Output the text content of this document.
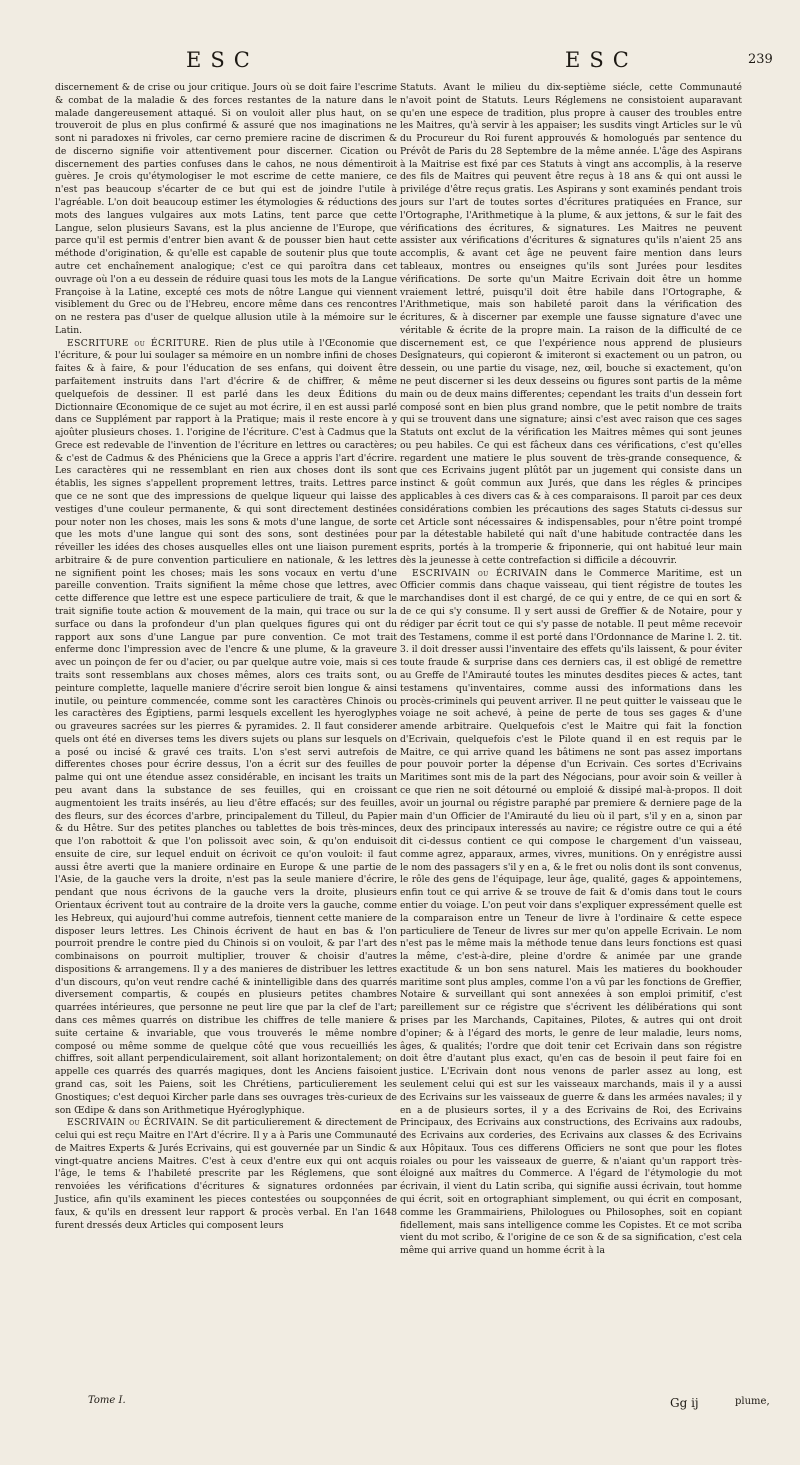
ESC	ESC	239

discernement & de crise ou jour critique. Jours où se doit faire l'escrime & combat de la maladie & des forces restantes de la nature dans le malade dangereusement attaqué. Si on vouloit aller plus haut, on se trouveroit de plus en plus confirmé & assuré que nos imaginations ne sont ni paradoxes ni frivoles, car cerno premiere racine de discrimen & de discerno signifie voir attentivement pour discerner. Cication ou discernement des parties confuses dans le cahos, ne nous démentiroit guères. Je crois qu'étymologiser le mot escrime de cette maniere, ce n'est pas beaucoup s'écarter de ce but qui est de joindre l'utile à l'agréable. L'on doit beaucoup estimer les étymologies & réductions des mots des langues vulgaires aux mots Latins, tent parce que cette Langue, selon plusieurs Savans, est la plus ancienne de l'Europe, que parce qu'il est permis d'entrer bien avant & de pousser bien haut cette méthode d'origination, & qu'elle est capable de soutenir plus que toute autre cet enchaînement analogique; c'est ce qui paroîtra dans cet ouvrage où l'on a eu dessein de réduire quasi tous les mots de la Langue Françoise à la Latine, excepté ces mots de nôtre Langue qui viennent visiblement du Grec ou de l'Hebreu, encore même dans ces rencontres on ne restera pas d'user de quelque allusion utile à la mémoire sur le Latin.

ESCRITURE ou ÉCRITURE. Rien de plus utile à l'Œconomie que l'écriture, & pour lui soulager sa mémoire en un nombre infini de choses faites & à faire, & pour l'éducation de ses enfans, qui doivent être parfaitement instruits dans l'art d'écrire & de chiffrer, & même quelquefois de dessiner. Il est parlé dans les deux Éditions du Dictionnaire Œconomique de ce sujet au mot écrire, il en est aussi parlé dans ce Supplément par rapport à la Pratique; mais il reste encore à y ajoûter plusieurs choses. 1. l'origine de l'écriture. C'est à Cadmus que la Grece est redevable de l'invention de l'écriture en lettres ou caractères; & c'est de Cadmus & des Phéniciens que la Grece a appris l'art d'écrire. Les caractères qui ne ressemblant en rien aux choses dont ils sont établis, les signes s'appellent proprement lettres, traits. Lettres parce que ce ne sont que des impressions de quelque liqueur qui laisse des vestiges d'une couleur permanente, & qui sont directement destinées pour noter non les choses, mais les sons & mots d'une langue, de sorte que les mots d'une langue qui sont des sons, sont destinées pour réveiller les idées des choses ausquelles elles ont une liaison purement arbitraire & de pure convention particuliere en nationale, & les lettres ne signifient point les choses; mais les sons vocaux en vertu d'une pareille convention. Traits signifient la même chose que lettres, avec cette difference que lettre est une espece particuliere de trait, & que le trait signifie toute action & mouvement de la main, qui trace ou sur la surface ou dans la profondeur d'un plan quelques figures qui ont du rapport aux sons d'une Langue par pure convention. Ce mot trait enferme donc l'impression avec de l'encre & une plume, & la graveure avec un poinçon de fer ou d'acier, ou par quelque autre voie, mais si ces traits sont ressemblans aux choses mêmes, alors ces traits sont, ou peinture complette, laquelle maniere d'écrire seroit bien longue & ainsi inutile, ou peinture commencée, comme sont les caractères Chinois ou les caractères des Égiptiens, parmi lesquels excellent les hyeroglyphes ou graveures sacrées sur les pierres & pyramides. 2. Il faut considerer quels ont été en diverses tems les divers sujets ou plans sur lesquels on a posé ou incisé & gravé ces traits. L'on s'est servi autrefois de differentes choses pour écrire dessus, l'on a écrit sur des feuilles de palme qui ont une étendue assez considérable, en incisant les traits un peu avant dans la substance de ses feuilles, qui en croissant augmentoient les traits insérés, au lieu d'être effacés; sur des feuilles, des fleurs, sur des écorces d'arbre, principalement du Tilleul, du Papier & du Hêtre. Sur des petites planches ou tablettes de bois très-minces, que l'on rabottoit & que l'on polissoit avec soin, & qu'on enduisoit ensuite de cire, sur lequel enduit on écrivoit ce qu'on vouloit: il faut aussi être averti que la maniere ordinaire en Europe & une partie de l'Asie, de la gauche vers la droite, n'est pas la seule maniere d'écrire, pendant que nous écrivons de la gauche vers la droite, plusieurs Orientaux écrivent tout au contraire de la droite vers la gauche, comme les Hebreux, qui aujourd'hui comme autrefois, tiennent cette maniere de disposer leurs lettres. Les Chinois écrivent de haut en bas & l'on pourroit prendre le contre pied du Chinois si on vouloit, & par l'art des combinaisons on pourroit multiplier, trouver & choisir d'autres dispositions & arrangemens. Il y a des manieres de distribuer les lettres d'un discours, qu'on veut rendre caché & inintelligible dans des quarrés diversement compartis, & coupés en plusieurs petites chambres quarrées intérieures, que personne ne peut lire que par la clef de l'art; dans ces mêmes quarrés on distribue les chiffres de telle maniere & suite certaine & invariable, que vous trouverés le même nombre composé ou même somme de quelque côté que vous recueilliés les chiffres, soit allant perpendiculairement, soit allant horizontalement; on appelle ces quarrés des quarrés magiques, dont les Anciens faisoient grand cas, soit les Paiens, soit les Chrétiens, particulierement les Gnostiques; c'est dequoi Kircher parle dans ses ouvrages très-curieux de son Œdipe & dans son Arithmetique Hyéroglyphique.

ESCRIVAIN ou ÉCRIVAIN. Se dit particulierement & directement de celui qui est reçu Maitre en l'Art d'écrire. Il y a à Paris une Communauté de Maitres Experts & Jurés Ecrivains, qui est gouvernée par un Sindic & vingt-quatre anciens Maitres. C'est à ceux d'entre eux qui ont acquis l'âge, le tems & l'habileté prescrite par les Réglemens, que sont renvoiées les vérifications d'écritures & signatures ordonnées par Justice, afin qu'ils examinent les pieces contestées ou soupçonnées de faux, & qu'ils en dressent leur rapport & procès verbal. En l'an 1648 furent dressés deux Articles qui composent leurs

Statuts. Avant le milieu du dix-septième siécle, cette Communauté n'avoit point de Statuts. Leurs Réglemens ne consistoient auparavant qu'en une espece de tradition, plus propre à causer des troubles entre les Maitres, qu'à servir à les appaiser; les susdits vingt Articles sur le vû du Procureur du Roi furent approuvés & homologués par sentence du Prévôt de Paris du 28 Septembre de la même année. L'âge des Aspirans à la Maitrise est fixé par ces Statuts à vingt ans accomplis, à la reserve des fils de Maitres qui peuvent être reçus à 18 ans & qui ont aussi le privilége d'être reçus gratis. Les Aspirans y sont examinés pendant trois jours sur l'art de toutes sortes d'écritures pratiquées en France, sur l'Ortographe, l'Arithmetique à la plume, & aux jettons, & sur le fait des vérifications des écritures, & signatures. Les Maitres ne peuvent assister aux vérifications d'écritures & signatures qu'ils n'aient 25 ans accomplis, & avant cet âge ne peuvent faire mention dans leurs tableaux, montres ou enseignes qu'ils sont Jurées pour lesdites vérifications. De sorte qu'un Maitre Ecrivain doit être un homme vraiement lettré, puisqu'il doit être habile dans l'Ortographe, & l'Arithmetique, mais son habileté paroit dans la vérification des écritures, & à discerner par exemple une fausse signature d'avec une véritable & écrite de la propre main. La raison de la difficulté de ce discernement est, ce que l'expérience nous apprend de plusieurs Desîgnateurs, qui copieront & imiteront si exactement ou un patron, ou dessein, ou une partie du visage, nez, œil, bouche si exactement, qu'on ne peut discerner si les deux desseins ou figures sont partis de la même main ou de deux mains differentes; cependant les traits d'un dessein fort composé sont en bien plus grand nombre, que le petit nombre de traits qui se trouvent dans une signature; ainsi c'est avec raison que ces sages Statuts ont exclut de la vérification les Maitres mêmes qui sont jeunes ou peu habiles. Ce qui est fâcheux dans ces vérifications, c'est qu'elles regardent une matiere le plus souvent de très-grande consequence, & que ces Ecrivains jugent plûtôt par un jugement qui consiste dans un instinct & goût commun aux Jurés, que dans les régles & principes applicables à ces divers cas & à ces comparaisons. Il paroit par ces deux considérations combien les précautions des sages Statuts ci-dessus sur cet Article sont nécessaires & indispensables, pour n'être point trompé par la détestable habileté qui naît d'une habitude contractée dans les esprits, portés à la tromperie & friponnerie, qui ont habitué leur main dès la jeunesse à cette contrefaction si difficile a découvrir.

ESCRIVAIN ou ÉCRIVAIN dans le Commerce Maritime, est un Officier commis dans chaque vaisseau, qui tient régistre de toutes les marchandises dont il est chargé, de ce qui y entre, de ce qui en sort & de ce qui s'y consume. Il y sert aussi de Greffier & de Notaire, pour y rédiger par écrit tout ce qui s'y passe de notable. Il peut même recevoir des Testamens, comme il est porté dans l'Ordonnance de Marine l. 2. tit. 3. il doit dresser aussi l'inventaire des effets qu'ils laissent, & pour éviter toute fraude & surprise dans ces derniers cas, il est obligé de remettre au Greffe de l'Amirauté toutes les minutes desdites pieces & actes, tant testamens qu'inventaires, comme aussi des informations dans les procès-criminels qui peuvent arriver. Il ne peut quitter le vaisseau que le voiage ne soit achevé, à peine de perte de tous ses gages & d'une amende arbitraire. Quelquefois c'est le Maitre qui fait la fonction d'Ecrivain, quelquefois c'est le Pilote quand il en est requis par le Maitre, ce qui arrive quand les bâtimens ne sont pas assez importans pour pouvoir porter la dépense d'un Ecrivain. Ces sortes d'Ecrivains Maritimes sont mis de la part des Négocians, pour avoir soin & veiller à ce que rien ne soit détourné ou emploié & dissipé mal-à-propos. Il doit avoir un journal ou régistre paraphé par premiere & derniere page de la main d'un Officier de l'Amirauté du lieu où il part, s'il y en a, sinon par deux des principaux interessés au navire; ce régistre outre ce qui a été dit ci-dessus contient ce qui compose le chargement d'un vaisseau, comme agrez, apparaux, armes, vivres, munitions. On y enrégistre aussi le nom des passagers s'il y en a, & le fret ou nolis dont ils sont convenus, le rôle des gens de l'équipage, leur âge, qualité, gages & appointemens, enfin tout ce qui arrive & se trouve de fait & d'omis dans tout le cours entier du voiage. L'on peut voir dans s'expliquer expressément quelle est la comparaison entre un Teneur de livre à l'ordinaire & cette espece particuliere de Teneur de livres sur mer qu'on appelle Ecrivain. Le nom n'est pas le même mais la méthode tenue dans leurs fonctions est quasi la même, c'est-à-dire, pleine d'ordre & animée par une grande exactitude & un bon sens naturel. Mais les matieres du bookhouder maritime sont plus amples, comme l'on a vû par les fonctions de Greffier, Notaire & surveillant qui sont annexées à son emploi primitif, c'est pareillement sur ce régistre que s'écrivent les délibérations qui sont prises par les Marchands, Capitaines, Pilotes, & autres qui ont droit d'opiner; & à l'égard des morts, le genre de leur maladie, leurs noms, âges, & qualités; l'ordre que doit tenir cet Ecrivain dans son régistre doit être d'autant plus exact, qu'en cas de besoin il peut faire foi en justice. L'Ecrivain dont nous venons de parler assez au long, est seulement celui qui est sur les vaisseaux marchands, mais il y a aussi des Ecrivains sur les vaisseaux de guerre & dans les armées navales; il y en a de plusieurs sortes, il y a des Ecrivains de Roi, des Ecrivains Principaux, des Ecrivains aux constructions, des Ecrivains aux radoubs, des Ecrivains aux corderies, des Ecrivains aux classes & des Ecrivains aux Hôpitaux. Tous ces differens Officiers ne sont que pour les flotes roiales ou pour les vaisseaux de guerre, & n'aiant qu'un rapport très-éloigné aux maîtres du Commerce. A l'égard de l'étymologie du mot écrivain, il vient du Latin scriba, qui signifie aussi écrivain, tout homme qui écrit, soit en ortographiant simplement, ou qui écrit en composant, comme les Grammairiens, Philologues ou Philosophes, soit en copiant fidellement, mais sans intelligence comme les Copistes. Et ce mot scriba vient du mot scribo, & l'origine de ce son & de sa signification, c'est cela même qui arrive quand un homme écrit à la

Tome I.	Gg ij	plume,
